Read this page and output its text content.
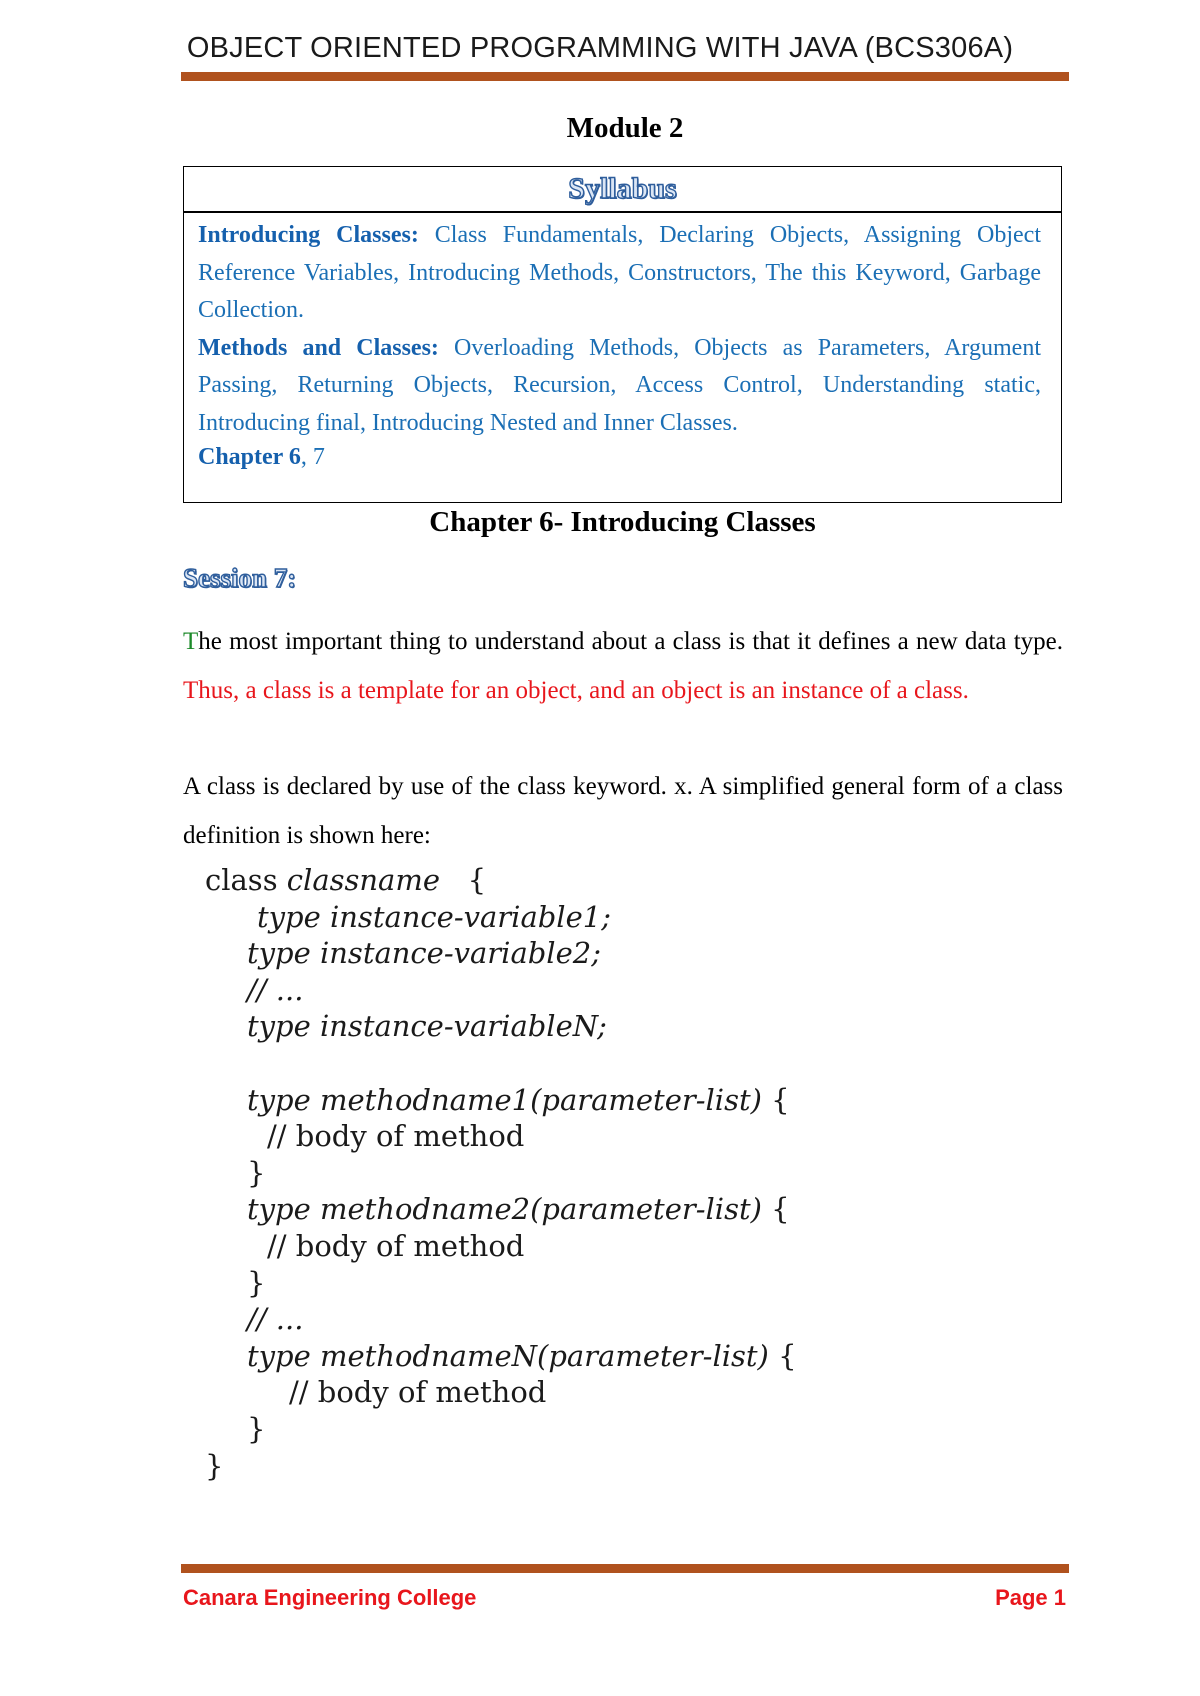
OBJECT ORIENTED PROGRAMMING WITH JAVA (BCS306A)
Module 2
Syllabus

Introducing Classes: Class Fundamentals, Declaring Objects, Assigning Object Reference Variables, Introducing Methods, Constructors, The this Keyword, Garbage Collection.

Methods and Classes: Overloading Methods, Objects as Parameters, Argument Passing, Returning Objects, Recursion, Access Control, Understanding static, Introducing final, Introducing Nested and Inner Classes.

Chapter 6, 7

Chapter 6- Introducing Classes
Session 7:
The most important thing to understand about a class is that it defines a new data type. Thus, a class is a template for an object, and an object is an instance of a class.
A class is declared by use of the class keyword. x. A simplified general form of a class definition is shown here:
class classname   {
type instance-variable1;
type instance-variable2;
// ...
type instance-variableN;
type methodname1(parameter-list) {
// body of method
}
type methodname2(parameter-list) {
// body of method
}
// ...
type methodnameN(parameter-list) {
// body of method
}
}
Canara Engineering College	Page 1
